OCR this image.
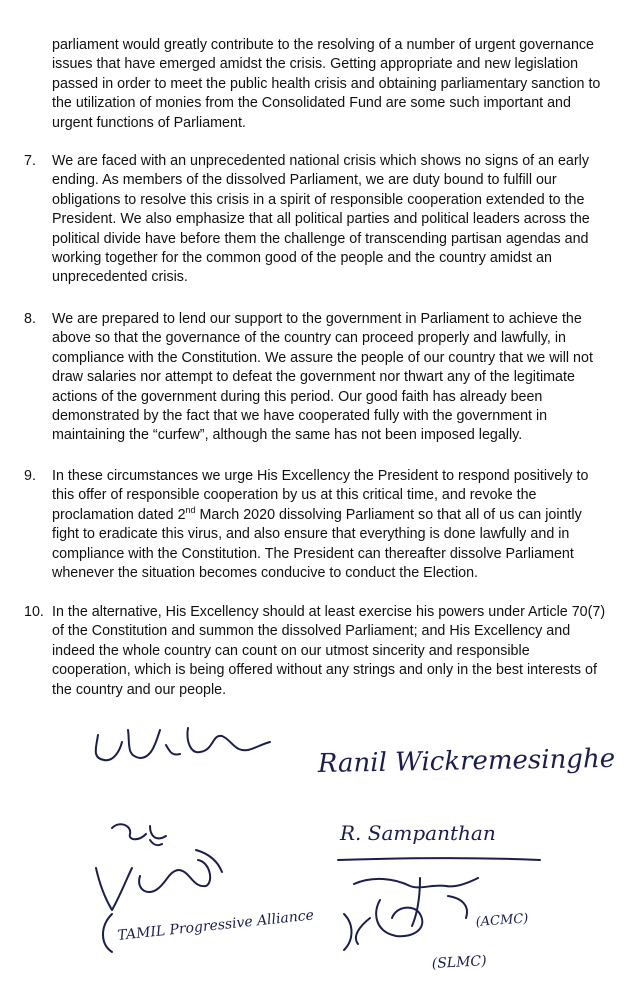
parliament would greatly contribute to the resolving of a number of urgent governance issues that have emerged amidst the crisis. Getting appropriate and new legislation passed in order to meet the public health crisis and obtaining parliamentary sanction to the utilization of monies from the Consolidated Fund are some such important and urgent functions of Parliament.

7.	We are faced with an unprecedented national crisis which shows no signs of an early ending. As members of the dissolved Parliament, we are duty bound to fulfill our obligations to resolve this crisis in a spirit of responsible cooperation extended to the President. We also emphasize that all political parties and political leaders across the political divide have before them the challenge of transcending partisan agendas and working together for the common good of the people and the country amidst an unprecedented crisis.

8.	We are prepared to lend our support to the government in Parliament to achieve the above so that the governance of the country can proceed properly and lawfully, in compliance with the Constitution. We assure the people of our country that we will not draw salaries nor attempt to defeat the government nor thwart any of the legitimate actions of the government during this period. Our good faith has already been demonstrated by the fact that we have cooperated fully with the government in maintaining the “curfew”, although the same has not been imposed legally.

9.	In these circumstances we urge His Excellency the President to respond positively to this offer of responsible cooperation by us at this critical time, and revoke the proclamation dated 2nd March 2020 dissolving Parliament so that all of us can jointly fight to eradicate this virus, and also ensure that everything is done lawfully and in compliance with the Constitution. The President can thereafter dissolve Parliament whenever the situation becomes conducive to conduct the Election.

10. In the alternative, His Excellency should at least exercise his powers under Article 70(7) of the Constitution and summon the dissolved Parliament; and His Excellency and indeed the whole country can count on our utmost sincerity and responsible cooperation, which is being offered without any strings and only in the best interests of the country and our people.

Ranil Wickremesinghe
R. Sampanthan
TAMIL Progressive Alliance	(ACMC)
(SLMC)
